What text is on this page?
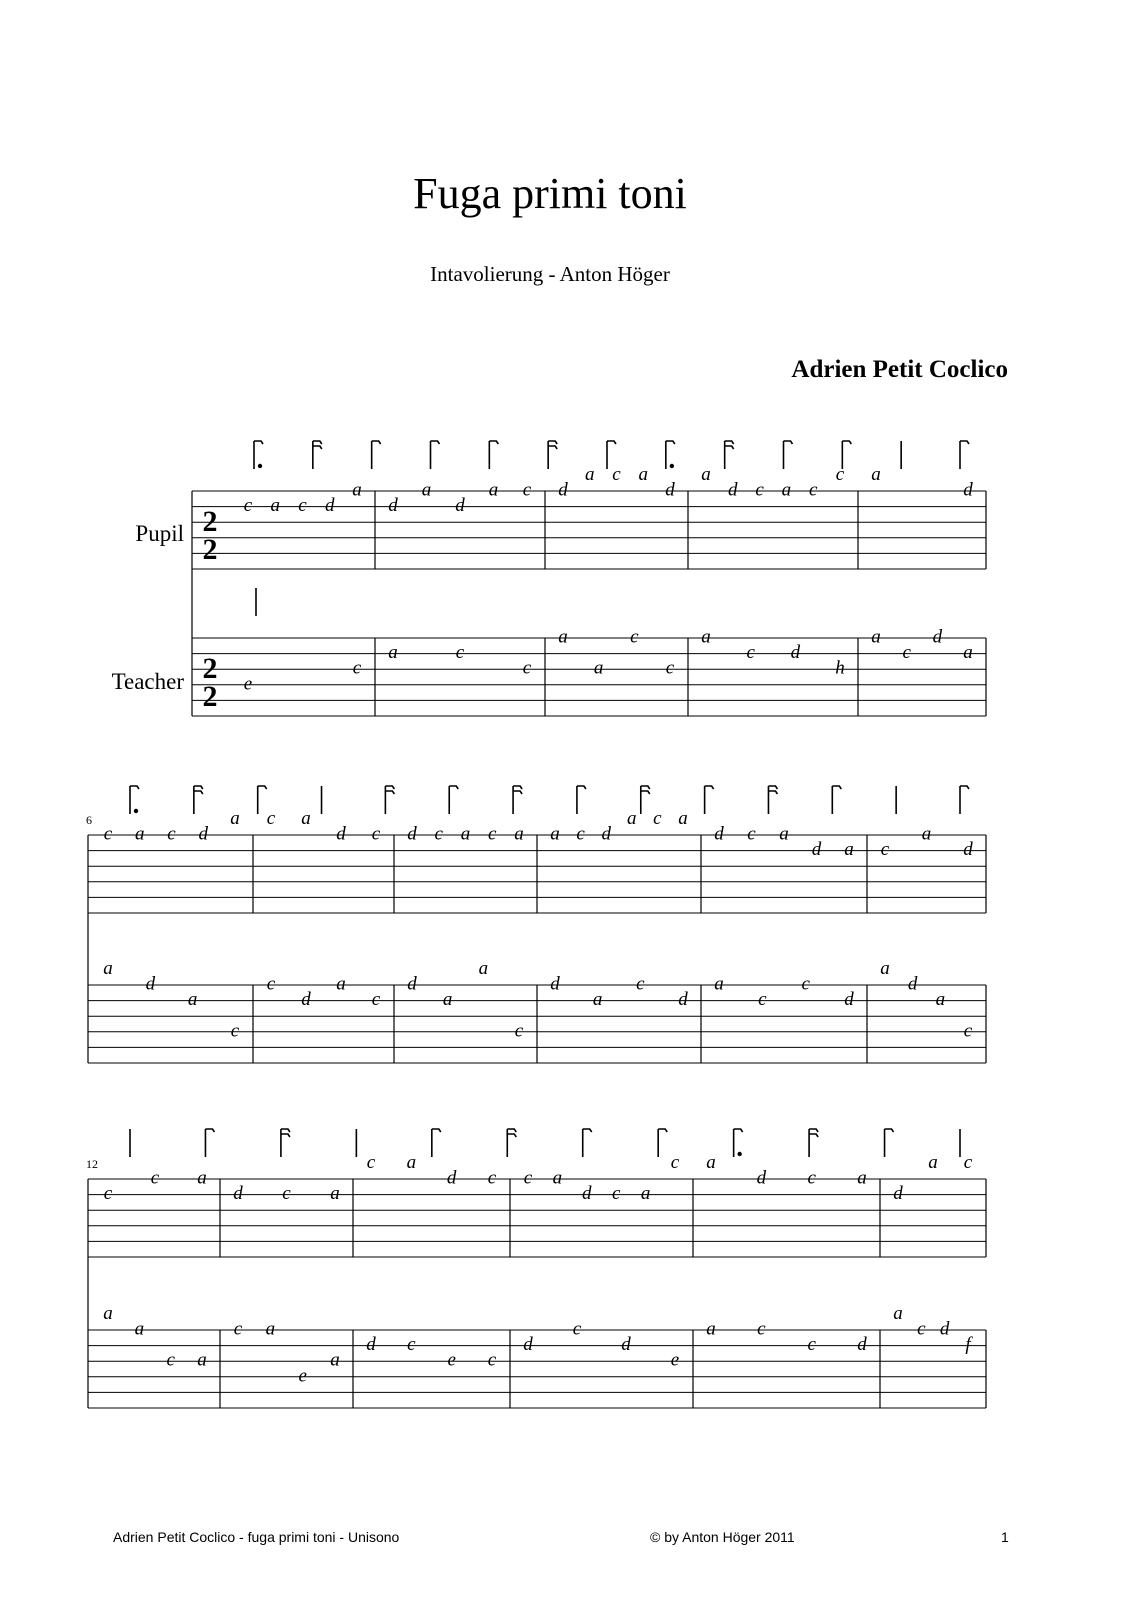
Fuga primi toni
Intavolierung - Anton Höger
Adrien Petit Coclico
Pupil
Teacher
2
2
2
2
c a c d
a
d
a
d
a c d
a c a
d
a
d c a c
c a
d
e
c
a	c
c
a
a
c
c
a
c d
h
a
c
d
a
6
c a c d
a c a
d c d c a c a a c d
a c a
d c a
d a c
a
d
a
d
a
c
c
d
a
c
d
a
a
c
d
a
c
d
a
c
c
d
a
d
a
c
12
c
c a
d c a
c a
d c c a
d c a
c a
d c a
d
a c
a
a
c a
c a
e
a
d c
e c
d
c
d
e
a c
c d
a
c d
f
Adrien Petit Coclico - fuga primi toni - Unisono	© by Anton Höger 2011	1
